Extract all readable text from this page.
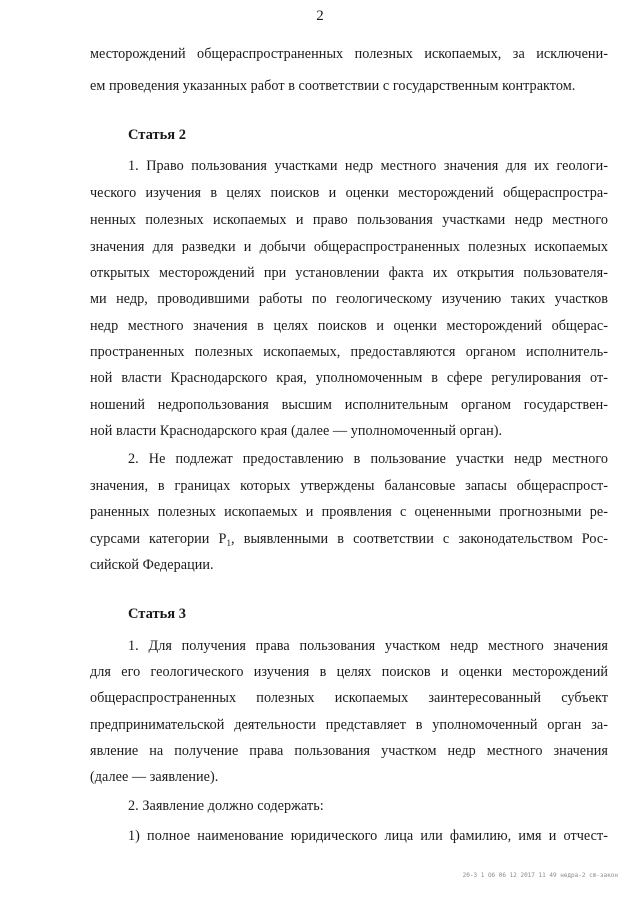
2
месторождений общераспространенных полезных ископаемых, за исключени-
ем проведения указанных работ в соответствии с государственным контрактом.
Статья 2
1. Право пользования участками недр местного значения для их геологи-
ческого изучения в целях поисков и оценки месторождений общераспростра-
ненных полезных ископаемых и право пользования участками недр местного
значения для разведки и добычи общераспространенных полезных ископаемых
открытых месторождений при установлении факта их открытия пользователя-
ми недр, проводившими работы по геологическому изучению таких участков
недр местного значения в целях поисков и оценки месторождений общерас-
пространенных полезных ископаемых, предоставляются органом исполнитель-
ной власти Краснодарского края, уполномоченным в сфере регулирования от-
ношений недропользования высшим исполнительным органом государствен-
ной власти Краснодарского края (далее — уполномоченный орган).
2. Не подлежат предоставлению в пользование участки недр местного
значения, в границах которых утверждены балансовые запасы общераспрост-
раненных полезных ископаемых и проявления с оцененными прогнозными ре-
сурсами категории $P_1$, выявленными в соответствии с законодательством Рос-
сийской Федерации.
Статья 3
1. Для получения права пользования участком недр местного значения
для его геологического изучения в целях поисков и оценки месторождений
общераспространенных полезных ископаемых заинтересованный субъект
предпринимательской деятельности представляет в уполномоченный орган за-
явление на получение права пользования участком недр местного значения
(далее — заявление).
2. Заявление должно содержать:
1) полное наименование юридического лица или фамилию, имя и отчест-
20-3 1 Об 06 12 2017 11 49 недра-2 cm-закон
